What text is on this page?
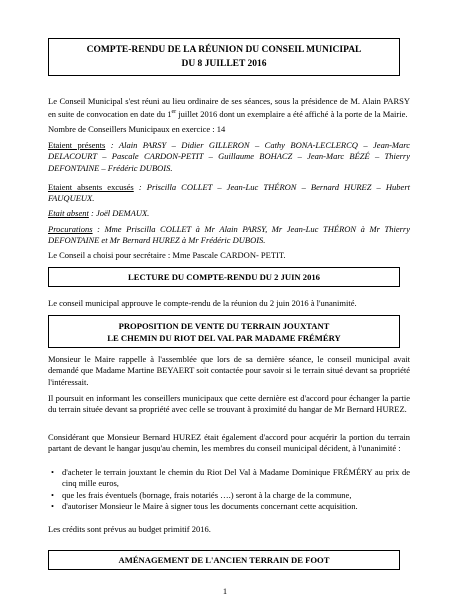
COMPTE-RENDU DE LA RÉUNION DU CONSEIL MUNICIPAL
DU 8 JUILLET 2016
Le Conseil Municipal s'est réuni au lieu ordinaire de ses séances, sous la présidence de M. Alain PARSY en suite de convocation en date du 1er juillet 2016 dont un exemplaire a été affiché à la porte de la Mairie.
Nombre de Conseillers Municipaux en exercice : 14
Etaient présents : Alain PARSY – Didier GILLERON – Cathy BONA-LECLERCQ – Jean-Marc DELACOURT – Pascale CARDON-PETIT – Guillaume BOHACZ – Jean-Marc BÉZÉ – Thierry DEFONTAINE – Frédéric DUBOIS.
Etaient absents excusés : Priscilla COLLET – Jean-Luc THÉRON – Bernard HUREZ – Hubert FAUQUEUX.
Etait absent : Joël DEMAUX.
Procurations : Mme Priscilla COLLET à Mr Alain PARSY, Mr Jean-Luc THÉRON à Mr Thierry DEFONTAINE et Mr Bernard HUREZ à Mr Frédéric DUBOIS.
Le Conseil a choisi pour secrétaire : Mme Pascale CARDON- PETIT.
LECTURE DU COMPTE-RENDU DU 2 JUIN 2016
Le conseil municipal approuve le compte-rendu de la réunion du 2 juin 2016 à l'unanimité.
PROPOSITION DE VENTE DU TERRAIN JOUXTANT
LE CHEMIN DU RIOT DEL VAL PAR MADAME FRÉMÉRY
Monsieur le Maire rappelle à l'assemblée que lors de sa dernière séance, le conseil municipal avait demandé que Madame Martine BEYAERT soit contactée pour savoir si le terrain situé devant sa propriété l'intéressait.
Il poursuit en informant les conseillers municipaux que cette dernière est d'accord pour échanger la partie du terrain située devant sa propriété avec celle se trouvant à proximité du hangar de Mr Bernard HUREZ.
Considérant que Monsieur Bernard HUREZ était également d'accord pour acquérir la portion du terrain partant de devant le hangar jusqu'au chemin, les membres du conseil municipal décident, à l'unanimité :
• d'acheter le terrain jouxtant le chemin du Riot Del Val à Madame Dominique FRÉMÉRY au prix de cinq mille euros,
• que les frais éventuels (bornage, frais notariés ….) seront à la charge de la commune,
• d'autoriser Monsieur le Maire à signer tous les documents concernant cette acquisition.
Les crédits sont prévus au budget primitif 2016.
AMÉNAGEMENT DE L'ANCIEN TERRAIN DE FOOT
1
